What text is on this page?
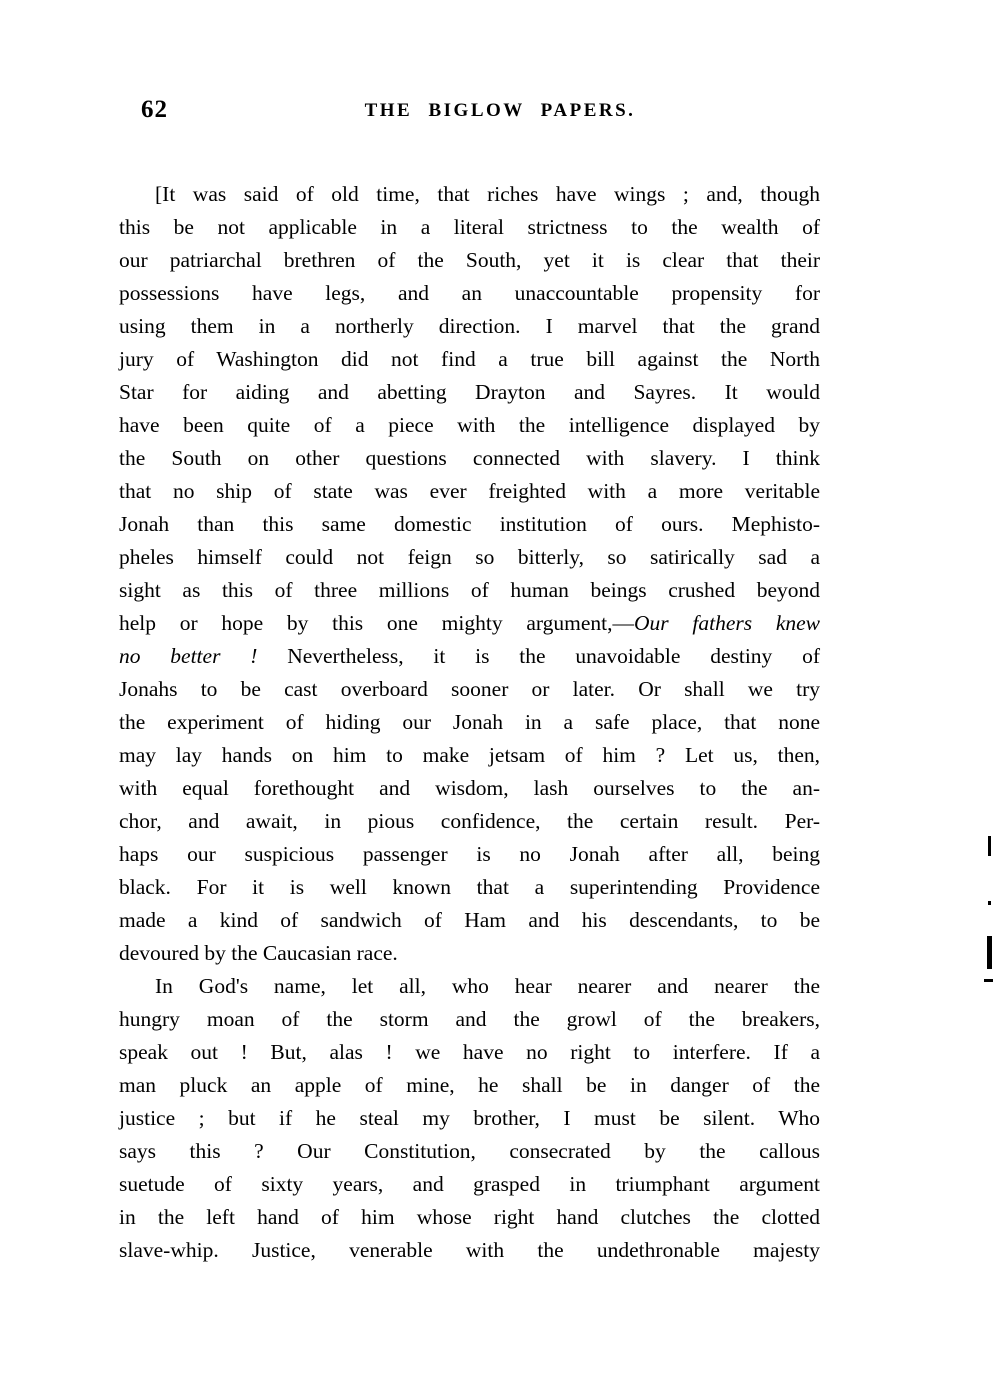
62	THE BIGLOW PAPERS.
[It was said of old time, that riches have wings ; and, though
this be not applicable in a literal strictness to the wealth of
our patriarchal brethren of the South, yet it is clear that their
possessions have legs, and an unaccountable propensity for
using them in a northerly direction. I marvel that the grand
jury of Washington did not find a true bill against the North
Star for aiding and abetting Drayton and Sayres. It would
have been quite of a piece with the intelligence displayed by
the South on other questions connected with slavery. I think
that no ship of state was ever freighted with a more veritable
Jonah than this same domestic institution of ours. Mephisto-
pheles himself could not feign so bitterly, so satirically sad a
sight as this of three millions of human beings crushed beyond
help or hope by this one mighty argument,—Our fathers knew
no better ! Nevertheless, it is the unavoidable destiny of
Jonahs to be cast overboard sooner or later. Or shall we try
the experiment of hiding our Jonah in a safe place, that none
may lay hands on him to make jetsam of him ? Let us, then,
with equal forethought and wisdom, lash ourselves to the an-
chor, and await, in pious confidence, the certain result. Per-
haps our suspicious passenger is no Jonah after all, being
black. For it is well known that a superintending Providence
made a kind of sandwich of Ham and his descendants, to be
devoured by the Caucasian race.
In God's name, let all, who hear nearer and nearer the
hungry moan of the storm and the growl of the breakers,
speak out ! But, alas ! we have no right to interfere. If a
man pluck an apple of mine, he shall be in danger of the
justice ; but if he steal my brother, I must be silent. Who
says this ? Our Constitution, consecrated by the callous
suetude of sixty years, and grasped in triumphant argument
in the left hand of him whose right hand clutches the clotted
slave-whip. Justice, venerable with the undethronable majesty
